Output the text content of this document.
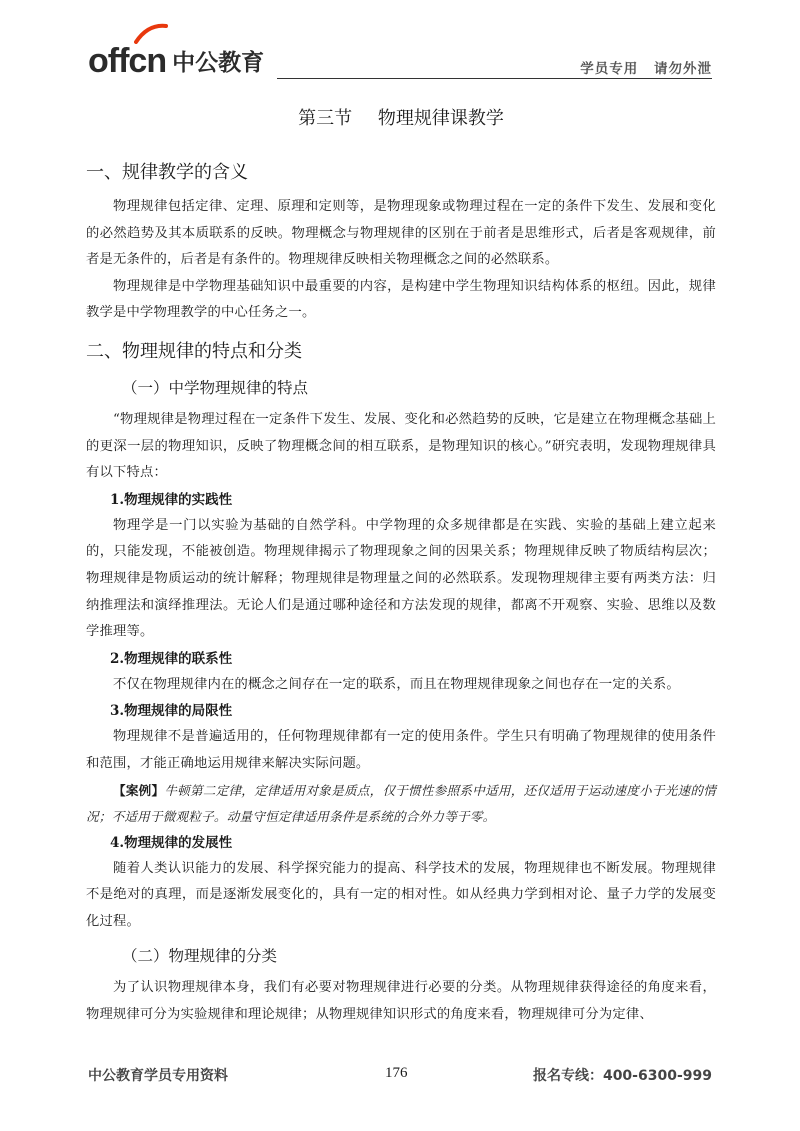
offcn 中公教育	学员专用 请勿外泄
第三节 物理规律课教学
一、规律教学的含义

物理规律包括定律、定理、原理和定则等，是物理现象或物理过程在一定的条件下发生、发展和变化的必然趋势及其本质联系的反映。物理概念与物理规律的区别在于前者是思维形式，后者是客观规律，前者是无条件的，后者是有条件的。物理规律反映相关物理概念之间的必然联系。

物理规律是中学物理基础知识中最重要的内容，是构建中学生物理知识结构体系的枢纽。因此，规律教学是中学物理教学的中心任务之一。

二、物理规律的特点和分类
（一）中学物理规律的特点

“物理规律是物理过程在一定条件下发生、发展、变化和必然趋势的反映，它是建立在物理概念基础上的更深一层的物理知识，反映了物理概念间的相互联系，是物理知识的核心。”研究表明，发现物理规律具有以下特点：

1.物理规律的实践性

物理学是一门以实验为基础的自然学科。中学物理的众多规律都是在实践、实验的基础上建立起来的，只能发现，不能被创造。物理规律揭示了物理现象之间的因果关系；物理规律反映了物质结构层次；物理规律是物质运动的统计解释；物理规律是物理量之间的必然联系。发现物理规律主要有两类方法：归纳推理法和演绎推理法。无论人们是通过哪种途径和方法发现的规律，都离不开观察、实验、思维以及数学推理等。

2.物理规律的联系性

不仅在物理规律内在的概念之间存在一定的联系，而且在物理规律现象之间也存在一定的关系。

3.物理规律的局限性

物理规律不是普遍适用的，任何物理规律都有一定的使用条件。学生只有明确了物理规律的使用条件和范围，才能正确地运用规律来解决实际问题。

【案例】牛顿第二定律，定律适用对象是质点，仅于惯性参照系中适用，还仅适用于运动速度小于光速的情况；不适用于微观粒子。动量守恒定律适用条件是系统的合外力等于零。

4.物理规律的发展性

随着人类认识能力的发展、科学探究能力的提高、科学技术的发展，物理规律也不断发展。物理规律不是绝对的真理，而是逐渐发展变化的，具有一定的相对性。如从经典力学到相对论、量子力学的发展变化过程。

（二）物理规律的分类

为了认识物理规律本身，我们有必要对物理规律进行必要的分类。从物理规律获得途径的角度来看，物理规律可分为实验规律和理论规律；从物理规律知识形式的角度来看，物理规律可分为定律、

中公教育学员专用资料	176	报名专线：400-6300-999
